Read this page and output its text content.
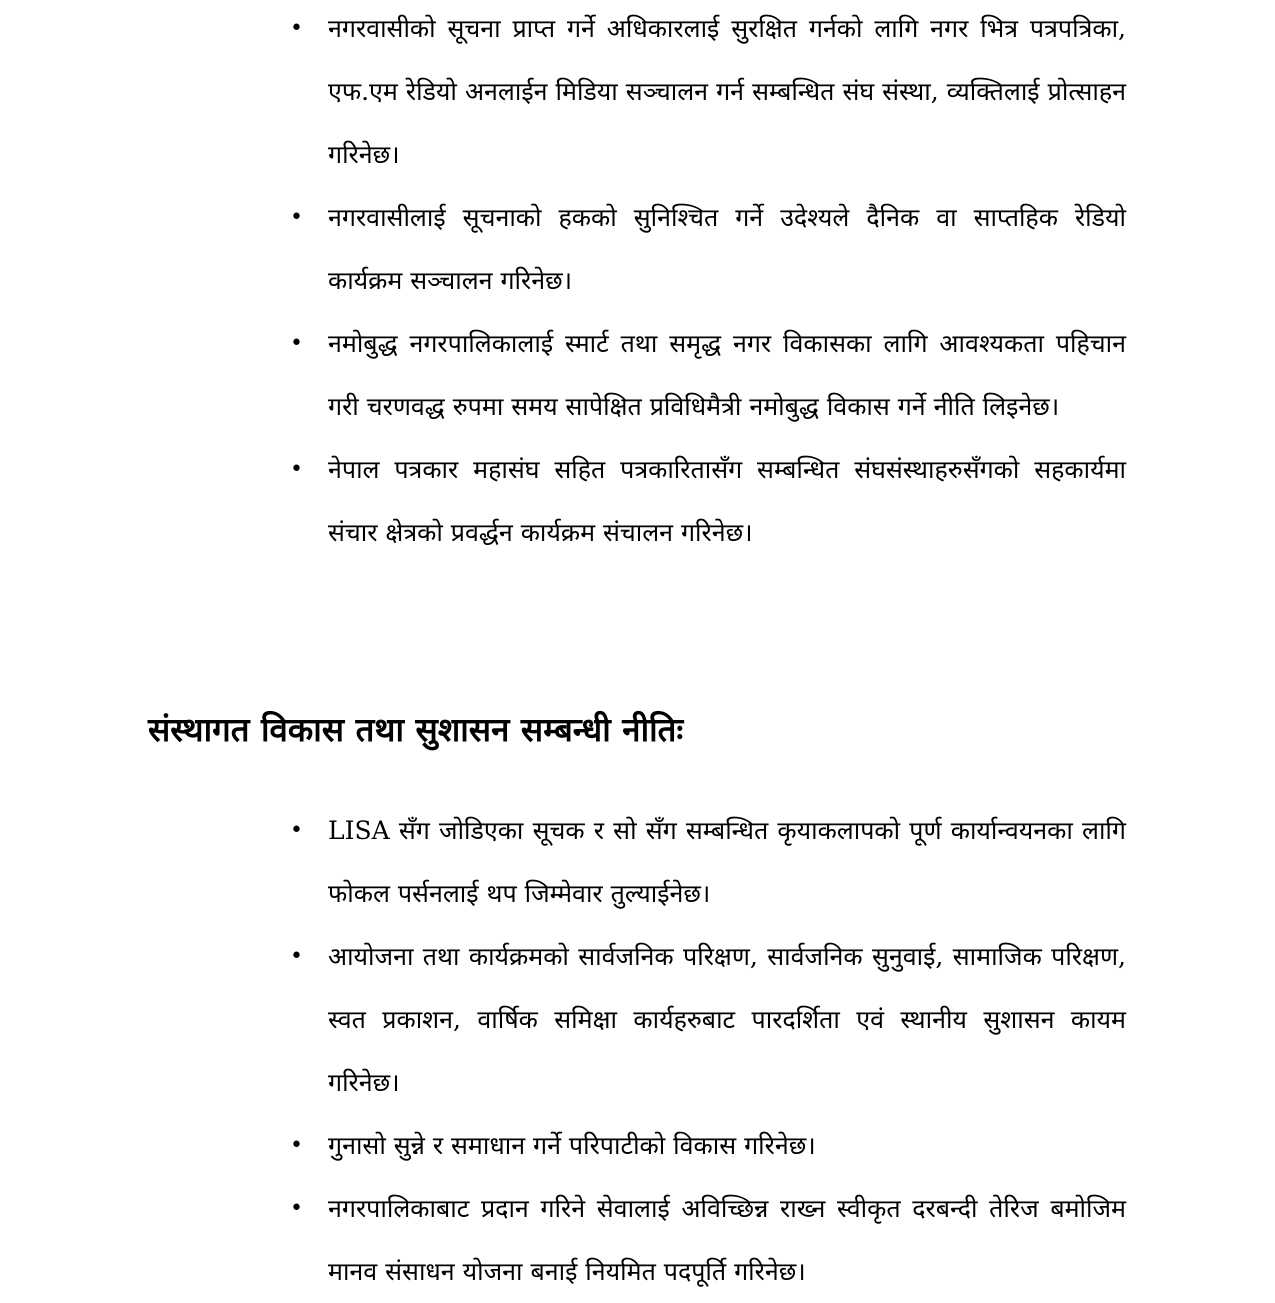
• नगरवासीको सूचना प्राप्त गर्ने अधिकारलाई सुरक्षित गर्नको लागि नगर भित्र पत्रपत्रिका, एफ.एम रेडियो अनलाईन मिडिया सञ्चालन गर्न सम्बन्धित संघ संस्था, व्यक्तिलाई प्रोत्साहन गरिनेछ।
• नगरवासीलाई सूचनाको हकको सुनिश्चित गर्ने उदेश्यले दैनिक वा साप्तहिक रेडियो कार्यक्रम सञ्चालन गरिनेछ।
• नमोबुद्ध नगरपालिकालाई स्मार्ट तथा समृद्ध नगर विकासका लागि आवश्यकता पहिचान गरी चरणवद्ध रुपमा समय सापेक्षित प्रविधिमैत्री नमोबुद्ध विकास गर्ने नीति लिइनेछ।
• नेपाल पत्रकार महासंघ सहित पत्रकारितासँग सम्बन्धित संघसंस्थाहरुसँगको सहकार्यमा संचार क्षेत्रको प्रवर्द्धन कार्यक्रम संचालन गरिनेछ।
संस्थागत विकास तथा सुशासन सम्बन्धी नीतिः
• LISA सँग जोडिएका सूचक र सो सँग सम्बन्धित कृयाकलापको पूर्ण कार्यान्वयनका लागि फोकल पर्सनलाई थप जिम्मेवार तुल्याईनेछ।
• आयोजना तथा कार्यक्रमको सार्वजनिक परिक्षण, सार्वजनिक सुनुवाई, सामाजिक परिक्षण, स्वत प्रकाशन, वार्षिक समिक्षा कार्यहरुबाट पारदर्शिता एवं स्थानीय सुशासन कायम गरिनेछ।
• गुनासो सुन्ने र समाधान गर्ने परिपाटीको विकास गरिनेछ।
• नगरपालिकाबाट प्रदान गरिने सेवालाई अविच्छिन्न राख्न स्वीकृत दरबन्दी तेरिज बमोजिम मानव संसाधन योजना बनाई नियमित पदपूर्ति गरिनेछ।
